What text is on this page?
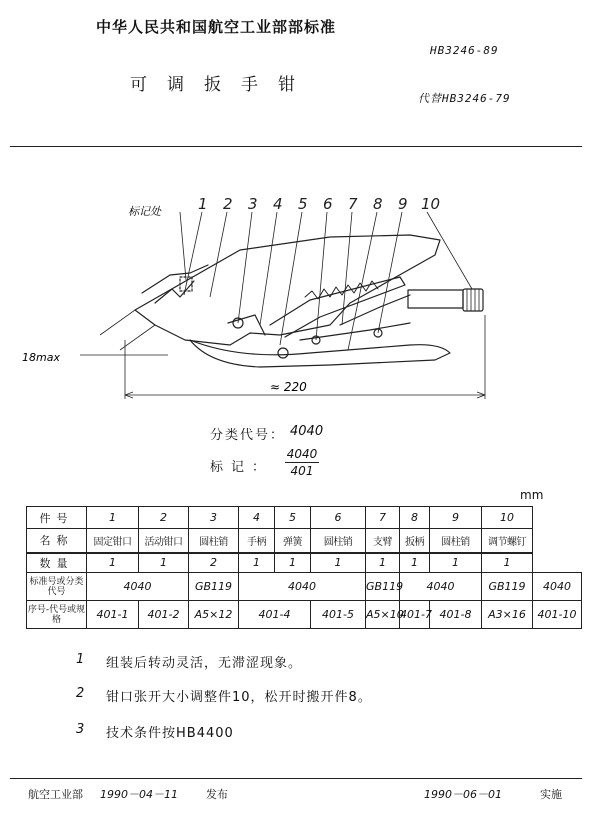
中华人民共和国航空工业部部标准
HB3246-89
可调扳手钳
代替HB3246-79
标记处 1 2 3 4 5 6 7 8 9 10
18max
≈ 220
分类代号： 4040
标记： $\frac{4040}{401}$
mm
件号	1	2	3	4	5	6	7	8	9	10	
名称	固定钳口	活动钳口	圆柱销	手柄	弹簧	圆柱销	支臂	扳柄	圆柱销	调节螺钉	
数量	1	1	2	1	1	1	1	1	1	1	
标准号或分类代号	4040		GB119	4040			GB119	4040		GB119	4040
序号-代号或规格	401-1	401-2	A5×12	401-4		401-5	A5×10	401-7	401-8	A3×16	401-10
1 组装后转动灵活，无滞涩现象。
2 钳口张开大小调整件10，松开时搬开件8。
3 技术条件按HB4400
航空工业部 1990－04－11	发布	1990－06－01	实施
